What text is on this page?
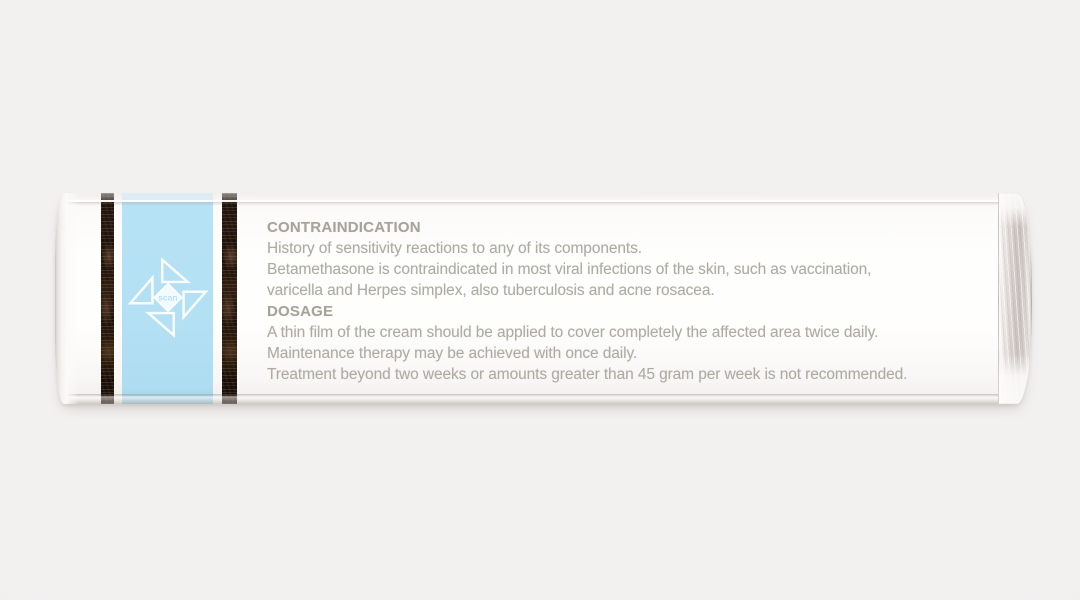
scan
CONTRAINDICATION
History of sensitivity reactions to any of its components.
Betamethasone is contraindicated in most viral infections of the skin, such as vaccination,
varicella and Herpes simplex, also tuberculosis and acne rosacea.
DOSAGE
A thin film of the cream should be applied to cover completely the affected area twice daily.
Maintenance therapy may be achieved with once daily.
Treatment beyond two weeks or amounts greater than 45 gram per week is not recommended.
